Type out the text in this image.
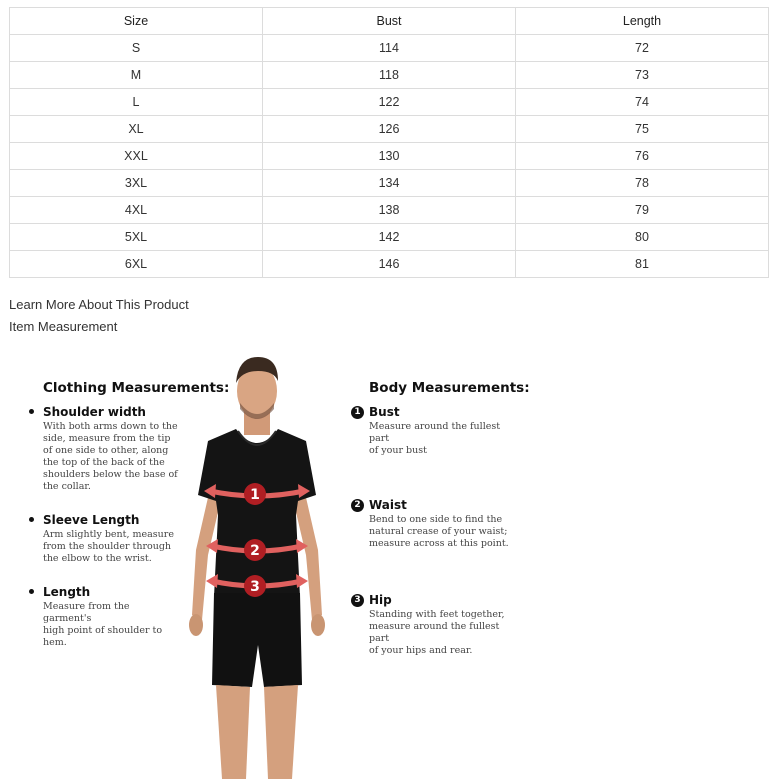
Size	Bust	Length
S	114	72
M	118	73
L	122	74
XL	126	75
XXL	130	76
3XL	134	78
4XL	138	79
5XL	142	80
6XL	146	81
Learn More About This Product
Item Measurement
Clothing Measurements:
Shoulder width
With both arms down to the
side, measure from the tip
of one side to other, along
the top of the back of the
shoulders below the base of
the collar.
Sleeve Length
Arm slightly bent, measure
from the shoulder through
the elbow to the wrist.
Length
Measure from the garment's
high point of shoulder to
hem.
1
2
3
Body Measurements:
1 Bust
Measure around the fullest part
of your bust
2 Waist
Bend to one side to find the
natural crease of your waist;
measure across at this point.
3 Hip
Standing with feet together,
measure around the fullest part
of your hips and rear.
